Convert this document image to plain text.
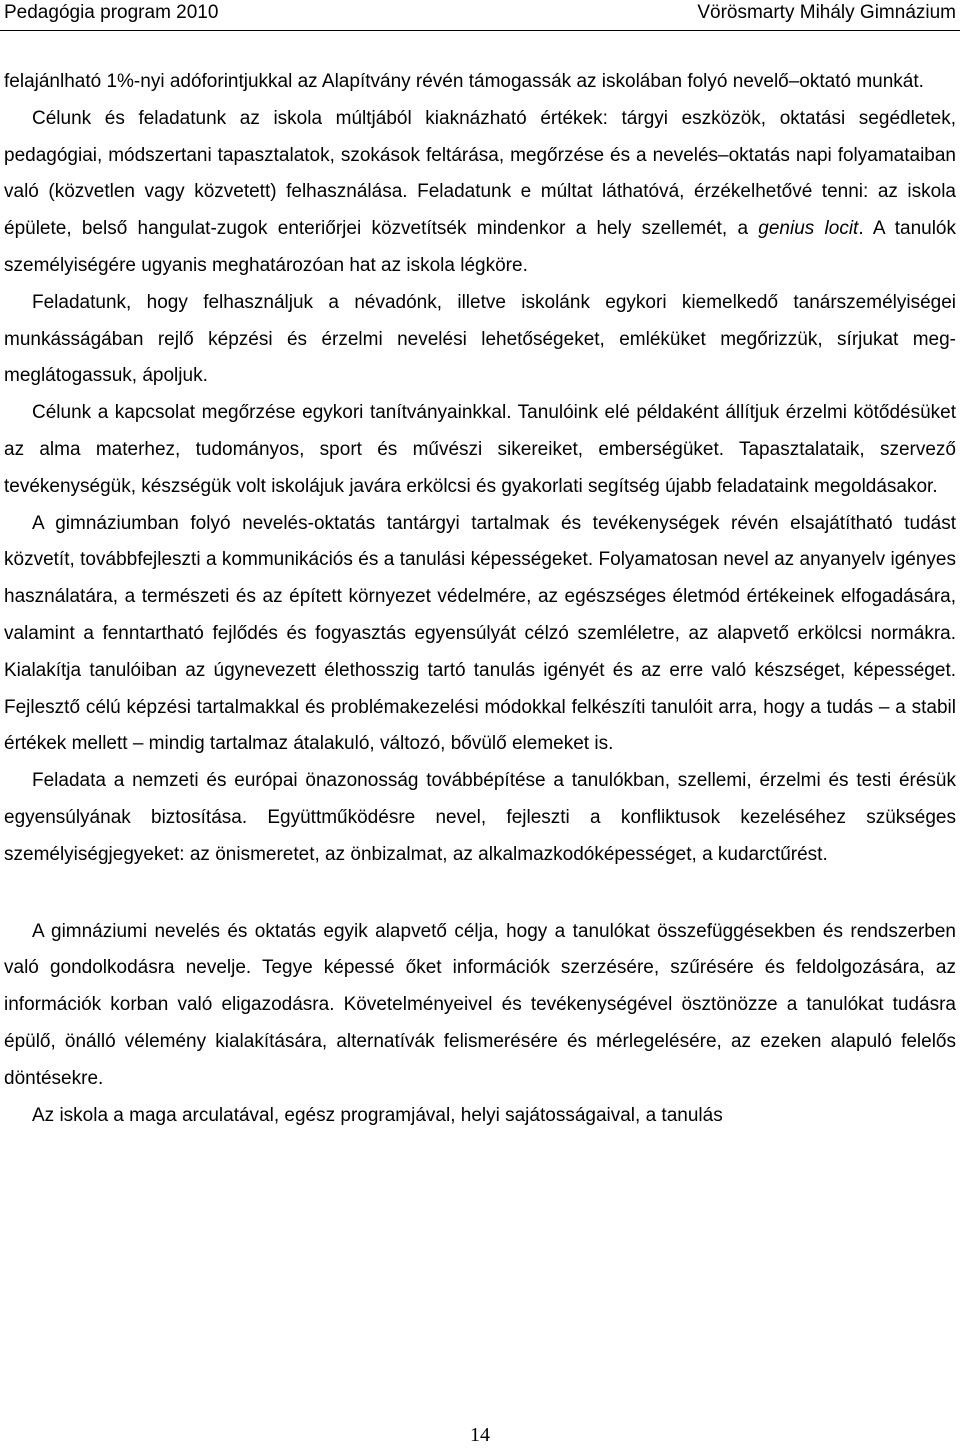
Pedagógia program 2010	Vörösmarty Mihály Gimnázium

felajánlható 1%-nyi adóforintjukkal az Alapítvány révén támogassák az iskolában folyó nevelő–oktató munkát.

Célunk és feladatunk az iskola múltjából kiaknázható értékek: tárgyi eszközök, oktatási segédletek, pedagógiai, módszertani tapasztalatok, szokások feltárása, megőrzése és a nevelés–oktatás napi folyamataiban való (közvetlen vagy közvetett) felhasználása. Feladatunk e múltat láthatóvá, érzékelhetővé tenni: az iskola épülete, belső hangulat-zugok enteriőrjei közvetítsék mindenkor a hely szellemét, a genius locit. A tanulók személyiségére ugyanis meghatározóan hat az iskola légköre.

Feladatunk, hogy felhasználjuk a névadónk, illetve iskolánk egykori kiemelkedő tanárszemélyiségei munkásságában rejlő képzési és érzelmi nevelési lehetőségeket, emléküket megőrizzük, sírjukat meg- meglátogassuk, ápoljuk.

Célunk a kapcsolat megőrzése egykori tanítványainkkal. Tanulóink elé példaként állítjuk érzelmi kötődésüket az alma materhez, tudományos, sport és művészi sikereiket, emberségüket. Tapasztalataik, szervező tevékenységük, készségük volt iskolájuk javára erkölcsi és gyakorlati segítség újabb feladataink megoldásakor.

A gimnáziumban folyó nevelés-oktatás tantárgyi tartalmak és tevékenységek révén elsajátítható tudást közvetít, továbbfejleszti a kommunikációs és a tanulási képességeket. Folyamatosan nevel az anyanyelv igényes használatára, a természeti és az épített környezet védelmére, az egészséges életmód értékeinek elfogadására, valamint a fenntartható fejlődés és fogyasztás egyensúlyát célzó szemléletre, az alapvető erkölcsi normákra. Kialakítja tanulóiban az úgynevezett élethosszig tartó tanulás igényét és az erre való készséget, képességet. Fejlesztő célú képzési tartalmakkal és problémakezelési módokkal felkészíti tanulóit arra, hogy a tudás – a stabil értékek mellett – mindig tartalmaz átalakuló, változó, bővülő elemeket is.

Feladata a nemzeti és európai önazonosság továbbépítése a tanulókban, szellemi, érzelmi és testi érésük egyensúlyának biztosítása. Együttműködésre nevel, fejleszti a konfliktusok kezeléséhez szükséges személyiségjegyeket: az önismeretet, az önbizalmat, az alkalmazkodóképességet, a kudarctűrést.

A gimnáziumi nevelés és oktatás egyik alapvető célja, hogy a tanulókat összefüggésekben és rendszerben való gondolkodásra nevelje. Tegye képessé őket információk szerzésére, szűrésére és feldolgozására, az információk korban való eligazodásra. Követelményeivel és tevékenységével ösztönözze a tanulókat tudásra épülő, önálló vélemény kialakítására, alternatívák felismerésére és mérlegelésére, az ezeken alapuló felelős döntésekre.

Az iskola a maga arculatával, egész programjával, helyi sajátosságaival, a tanulás

14
